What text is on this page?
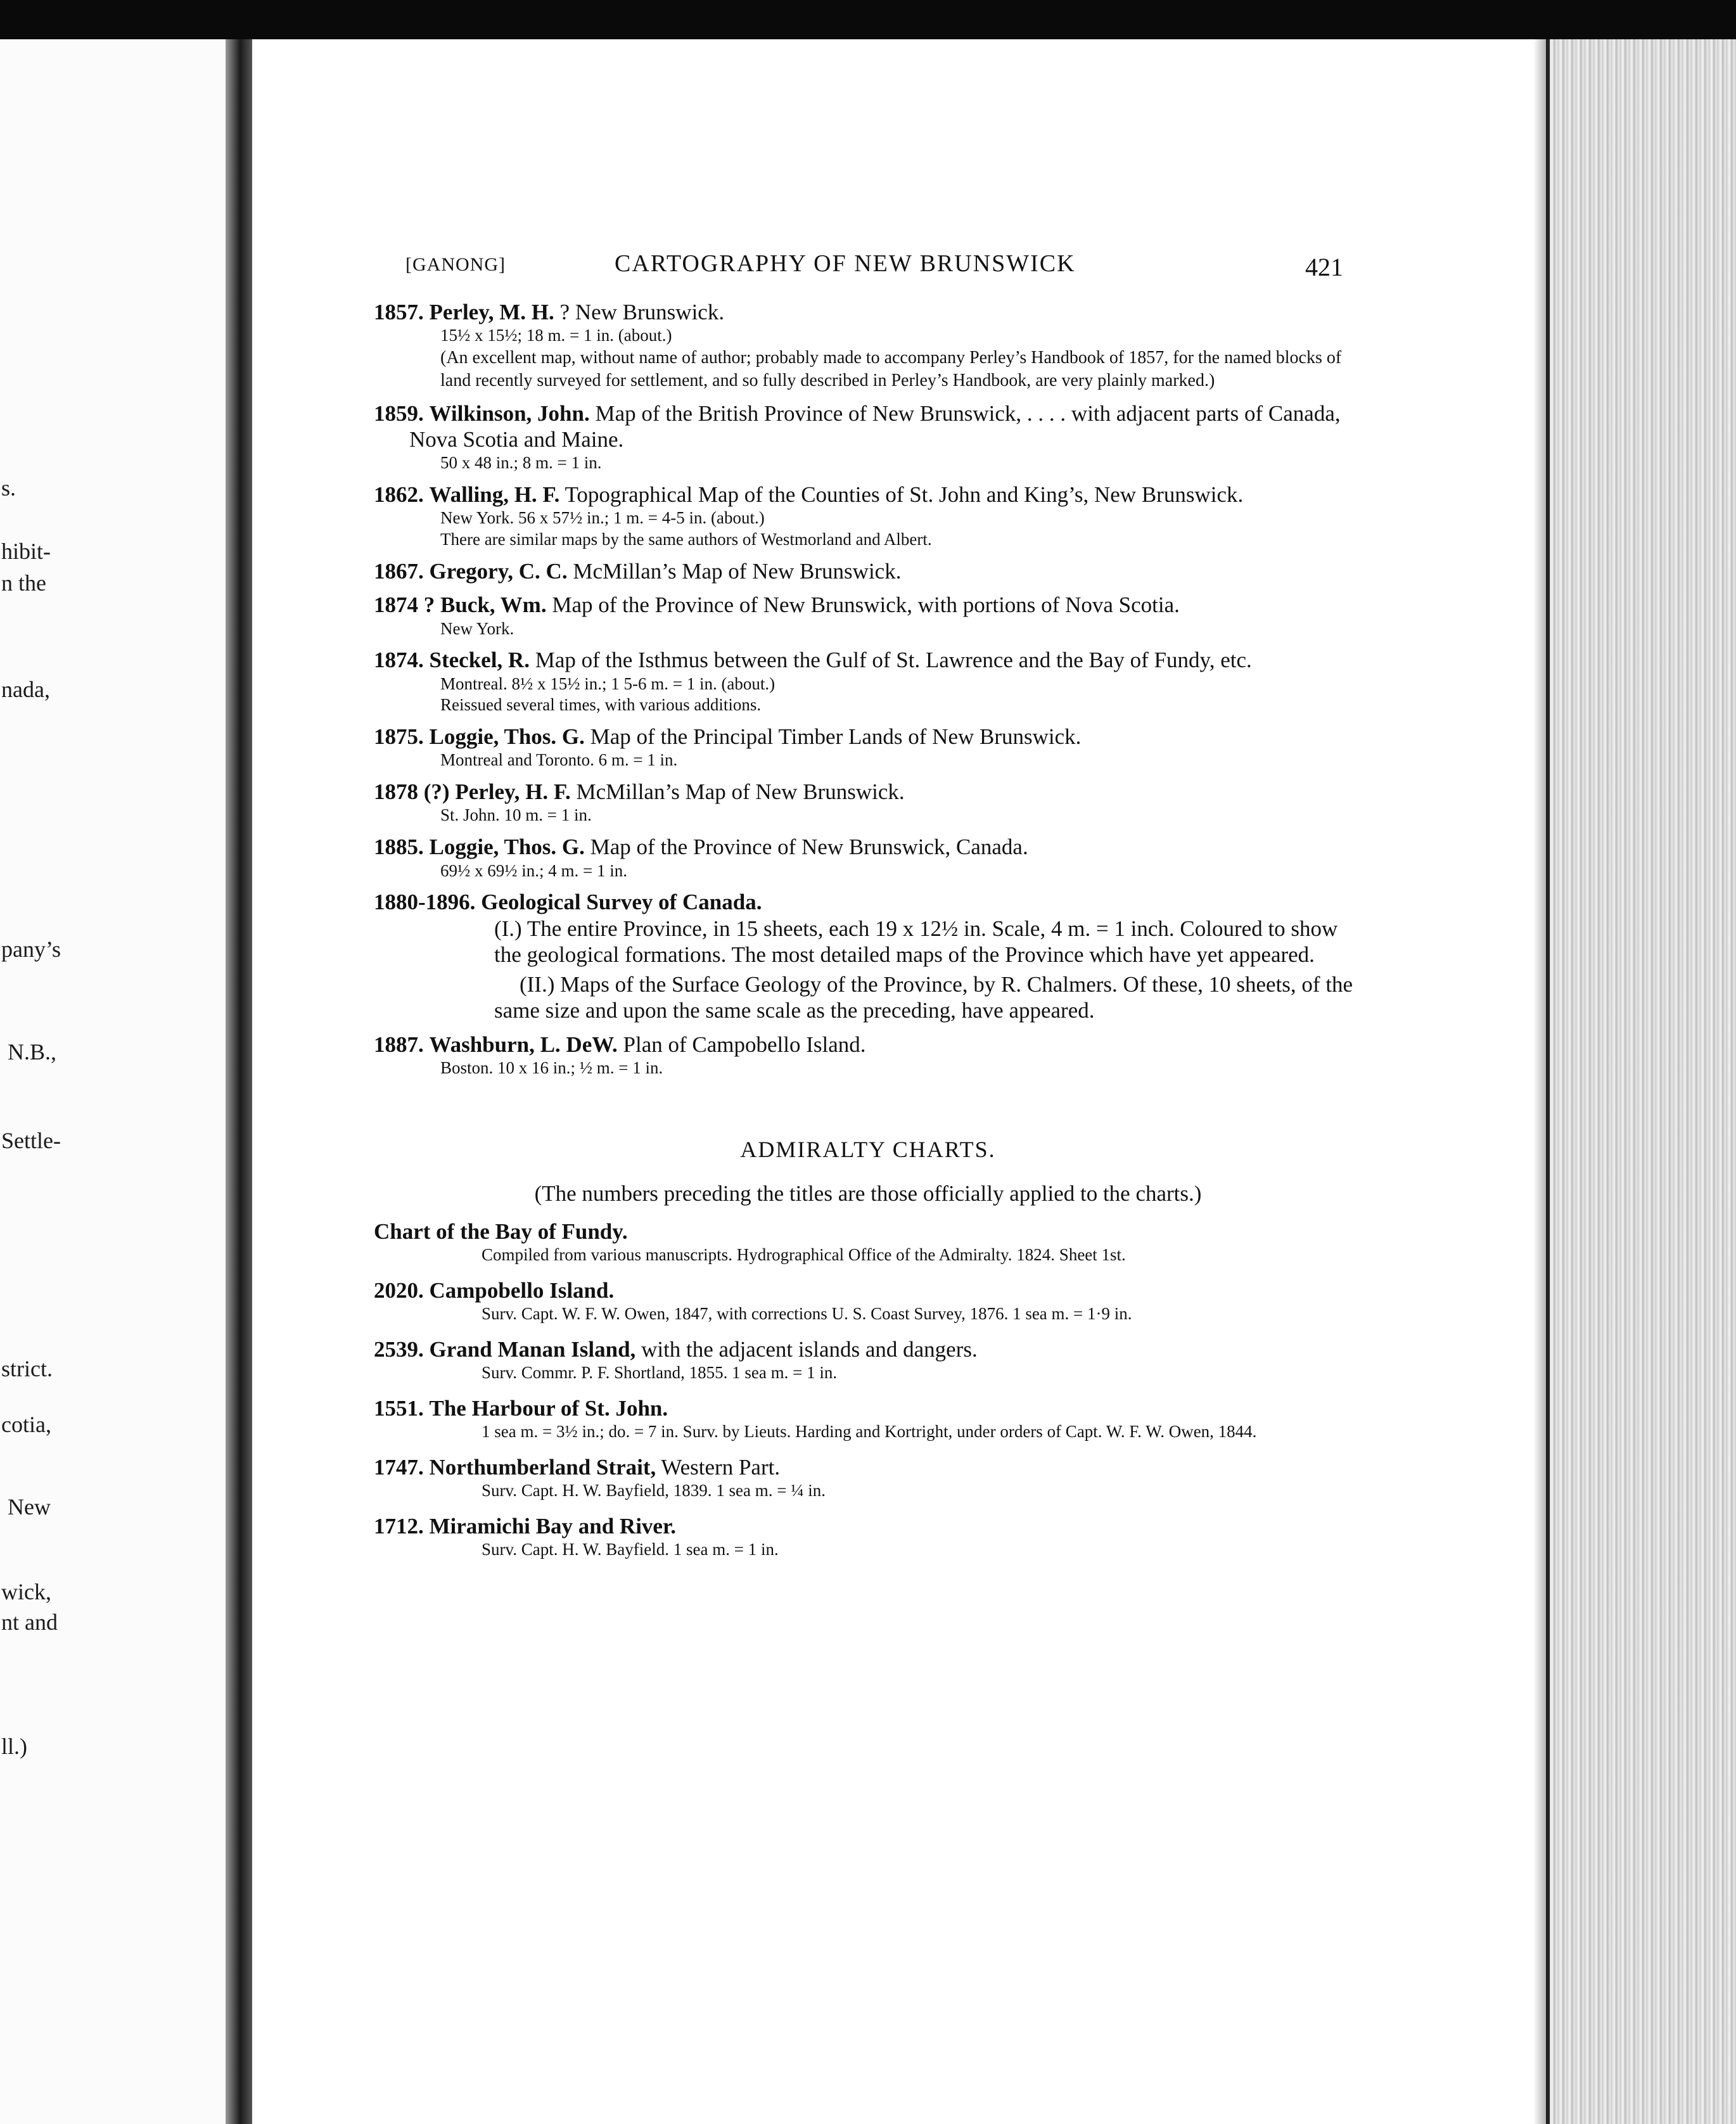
s.
hibit-
n the
nada,
pany’s
N.B.,
Settle-
strict.
cotia,
New
wick,
nt and
ll.)
[GANONG]	CARTOGRAPHY OF NEW BRUNSWICK	421
1857. Perley, M. H. ? New Brunswick.
15½ x 15½; 18 m. = 1 in. (about.)
(An excellent map, without name of author; probably made to accompany Perley’s Handbook of 1857, for the named blocks of land recently surveyed for settlement, and so fully described in Perley’s Handbook, are very plainly marked.)
1859. Wilkinson, John. Map of the British Province of New Brunswick, . . . . with adjacent parts of Canada, Nova Scotia and Maine.
50 x 48 in.; 8 m. = 1 in.
1862. Walling, H. F. Topographical Map of the Counties of St. John and King’s, New Brunswick.
New York. 56 x 57½ in.; 1 m. = 4-5 in. (about.)
There are similar maps by the same authors of Westmorland and Albert.
1867. Gregory, C. C. McMillan’s Map of New Brunswick.
1874 ? Buck, Wm. Map of the Province of New Brunswick, with portions of Nova Scotia.
New York.
1874. Steckel, R. Map of the Isthmus between the Gulf of St. Lawrence and the Bay of Fundy, etc.
Montreal. 8½ x 15½ in.; 1 5-6 m. = 1 in. (about.)
Reissued several times, with various additions.
1875. Loggie, Thos. G. Map of the Principal Timber Lands of New Brunswick.
Montreal and Toronto. 6 m. = 1 in.
1878 (?) Perley, H. F. McMillan’s Map of New Brunswick.
St. John. 10 m. = 1 in.
1885. Loggie, Thos. G. Map of the Province of New Brunswick, Canada.
69½ x 69½ in.; 4 m. = 1 in.
1880-1896. Geological Survey of Canada.
(I.) The entire Province, in 15 sheets, each 19 x 12½ in. Scale, 4 m. = 1 inch. Coloured to show the geological formations. The most detailed maps of the Province which have yet appeared.
(II.) Maps of the Surface Geology of the Province, by R. Chalmers. Of these, 10 sheets, of the same size and upon the same scale as the preceding, have appeared.
1887. Washburn, L. DeW. Plan of Campobello Island.
Boston. 10 x 16 in.; ½ m. = 1 in.
ADMIRALTY CHARTS.
(The numbers preceding the titles are those officially applied to the charts.)
Chart of the Bay of Fundy.
Compiled from various manuscripts. Hydrographical Office of the Admiralty. 1824. Sheet 1st.
2020. Campobello Island.
Surv. Capt. W. F. W. Owen, 1847, with corrections U. S. Coast Survey, 1876. 1 sea m. = 1·9 in.
2539. Grand Manan Island, with the adjacent islands and dangers.
Surv. Commr. P. F. Shortland, 1855. 1 sea m. = 1 in.
1551. The Harbour of St. John.
1 sea m. = 3½ in.; do. = 7 in. Surv. by Lieuts. Harding and Kortright, under orders of Capt. W. F. W. Owen, 1844.
1747. Northumberland Strait, Western Part.
Surv. Capt. H. W. Bayfield, 1839. 1 sea m. = ¼ in.
1712. Miramichi Bay and River.
Surv. Capt. H. W. Bayfield. 1 sea m. = 1 in.
